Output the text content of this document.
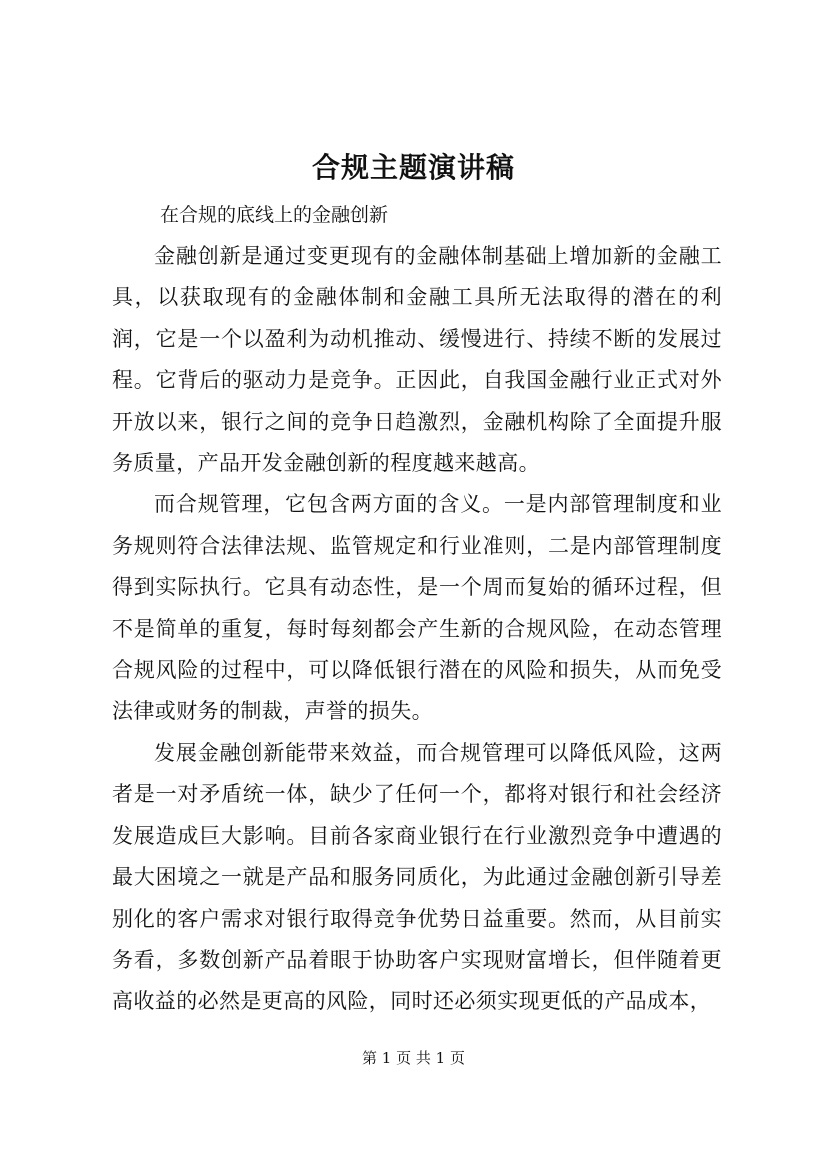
合规主题演讲稿
在合规的底线上的金融创新

金融创新是通过变更现有的金融体制基础上增加新的金融工具，以获取现有的金融体制和金融工具所无法取得的潜在的利润，它是一个以盈利为动机推动、缓慢进行、持续不断的发展过程。它背后的驱动力是竞争。正因此，自我国金融行业正式对外开放以来，银行之间的竞争日趋激烈，金融机构除了全面提升服务质量，产品开发金融创新的程度越来越高。

而合规管理，它包含两方面的含义。一是内部管理制度和业务规则符合法律法规、监管规定和行业准则，二是内部管理制度得到实际执行。它具有动态性，是一个周而复始的循环过程，但不是简单的重复，每时每刻都会产生新的合规风险，在动态管理合规风险的过程中，可以降低银行潜在的风险和损失，从而免受法律或财务的制裁，声誉的损失。

发展金融创新能带来效益，而合规管理可以降低风险，这两者是一对矛盾统一体，缺少了任何一个，都将对银行和社会经济发展造成巨大影响。目前各家商业银行在行业激烈竞争中遭遇的最大困境之一就是产品和服务同质化，为此通过金融创新引导差别化的客户需求对银行取得竞争优势日益重要。然而，从目前实务看，多数创新产品着眼于协助客户实现财富增长，但伴随着更高收益的必然是更高的风险，同时还必须实现更低的产品成本，

第 1 页 共 1 页
